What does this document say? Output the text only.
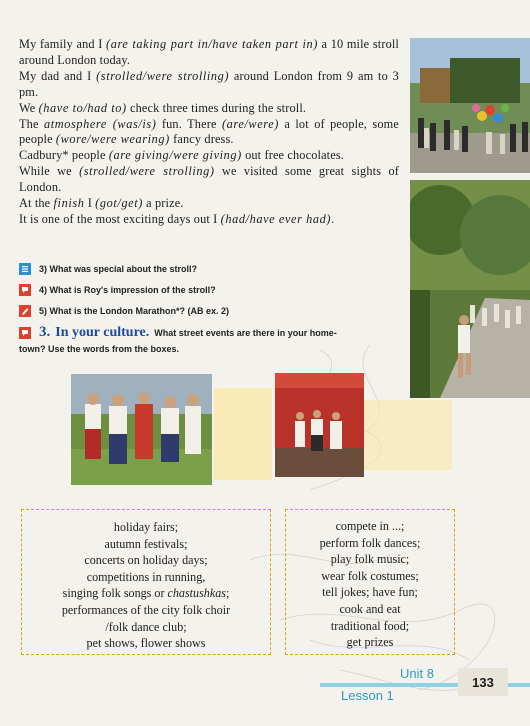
My family and I (are taking part in/have taken part in) a 10 mile stroll around London today.

My dad and I (strolled/were strolling) around London from 9 am to 3 pm.

We (have to/had to) check three times during the stroll.

The atmosphere (was/is) fun. There (are/were) a lot of people, some people (wore/were wearing) fancy dress.

Cadbury* people (are giving/were giving) out free chocolates.

While we (strolled/were strolling) we visited some great sights of London.

At the finish I (got/get) a prize.

It is one of the most exciting days out I (had/have ever had).

3) What was special about the stroll?
4) What is Roy's impression of the stroll?
5) What is the London Marathon*? (AB ex. 2)
3. In your culture. What street events are there in your home-
town? Use the words from the boxes.
holiday fairs;
autumn festivals;
concerts on holiday days;
competitions in running,
singing folk songs or chastushkas;
performances of the city folk choir
/folk dance club;
pet shows, flower shows
compete in ...;
perform folk dances;
play folk music;
wear folk costumes;
tell jokes; have fun;
cook and eat
traditional food;
get prizes
Unit 8
Lesson 1
133
